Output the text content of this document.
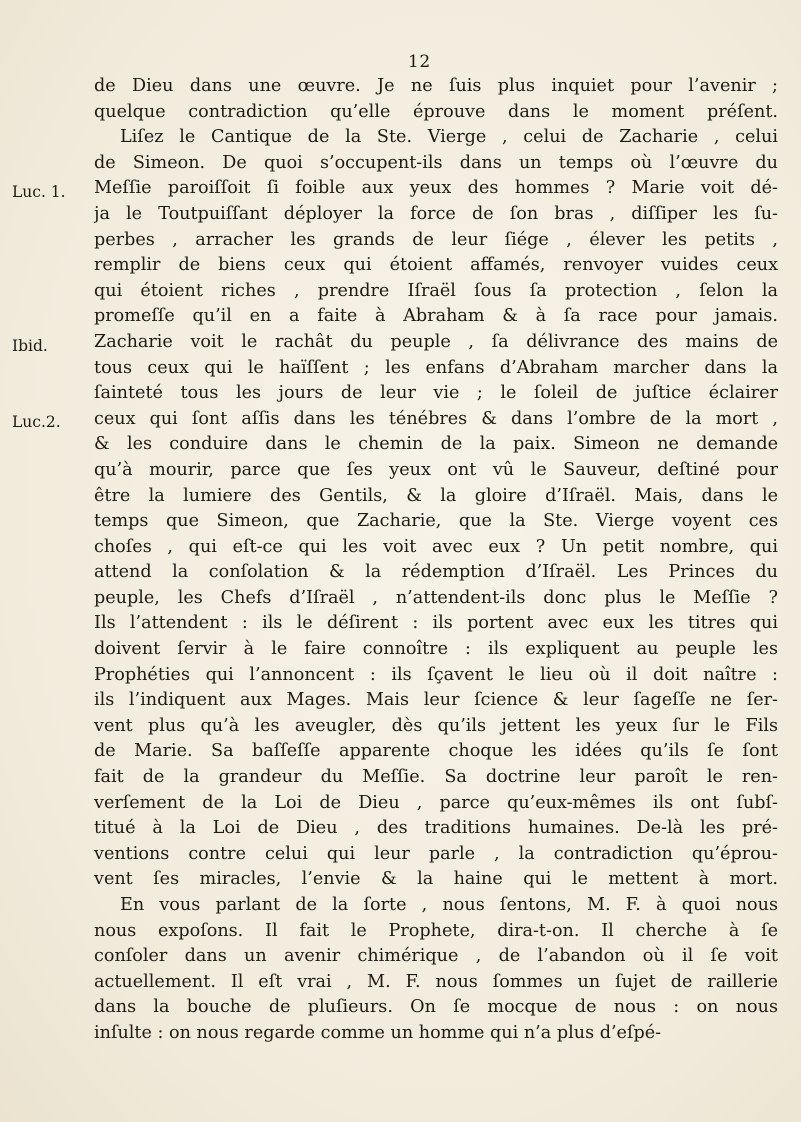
12
Luc. 1.
Ibid.
Luc.2.
de Dieu dans une œuvre. Je ne ſuis plus inquiet pour l’avenir ;
quelque contradiction qu’elle éprouve dans le moment préſent.
Liſez le Cantique de la Ste. Vierge , celui de Zacharie , celui
de Simeon. De quoi s’occupent-ils dans un temps où l’œuvre du
Meſſie paroiſſoit ſi foible aux yeux des hommes ? Marie voit dé-
ja le Toutpuiſſant déployer la force de ſon bras , diſſiper les ſu-
perbes , arracher les grands de leur ſiége , élever les petits ,
remplir de biens ceux qui étoient affamés, renvoyer vuides ceux
qui étoient riches , prendre Iſraël ſous ſa protection , ſelon la
promeſſe qu’il en a faite à Abraham & à ſa race pour jamais.
Zacharie voit le rachât du peuple , ſa délivrance des mains de
tous ceux qui le haïſſent ; les enfans d’Abraham marcher dans la
ſainteté tous les jours de leur vie ; le ſoleil de juſtice éclairer
ceux qui ſont aſſis dans les ténébres & dans l’ombre de la mort ,
& les conduire dans le chemin de la paix. Simeon ne demande
qu’à mourir, parce que ſes yeux ont vû le Sauveur, deſtiné pour
être la lumiere des Gentils, & la gloire d’Iſraël. Mais, dans le
temps que Simeon, que Zacharie, que la Ste. Vierge voyent ces
choſes , qui eſt-ce qui les voit avec eux ? Un petit nombre, qui
attend la conſolation & la rédemption d’Iſraël. Les Princes du
peuple, les Chefs d’Iſraël , n’attendent-ils donc plus le Meſſie ?
Ils l’attendent : ils le déſirent : ils portent avec eux les titres qui
doivent ſervir à le faire connoître : ils expliquent au peuple les
Prophéties qui l’annoncent : ils ſçavent le lieu où il doit naître :
ils l’indiquent aux Mages. Mais leur ſcience & leur ſageſſe ne ſer-
vent plus qu’à les aveugler, dès qu’ils jettent les yeux ſur le Fils
de Marie. Sa baſſeſſe apparente choque les idées qu’ils ſe ſont
fait de la grandeur du Meſſie. Sa doctrine leur paroît le ren-
verſement de la Loi de Dieu , parce qu’eux-mêmes ils ont ſubſ-
titué à la Loi de Dieu , des traditions humaines. De-là les pré-
ventions contre celui qui leur parle , la contradiction qu’éprou-
vent ſes miracles, l’envie & la haine qui le mettent à mort.
En vous parlant de la ſorte , nous ſentons, M. F. à quoi nous
nous expoſons. Il fait le Prophete, dira-t-on. Il cherche à ſe
conſoler dans un avenir chimérique , de l’abandon où il ſe voit
actuellement. Il eſt vrai , M. F. nous ſommes un ſujet de raillerie
dans la bouche de pluſieurs. On ſe mocque de nous : on nous
inſulte : on nous regarde comme un homme qui n’a plus d’eſpé-
